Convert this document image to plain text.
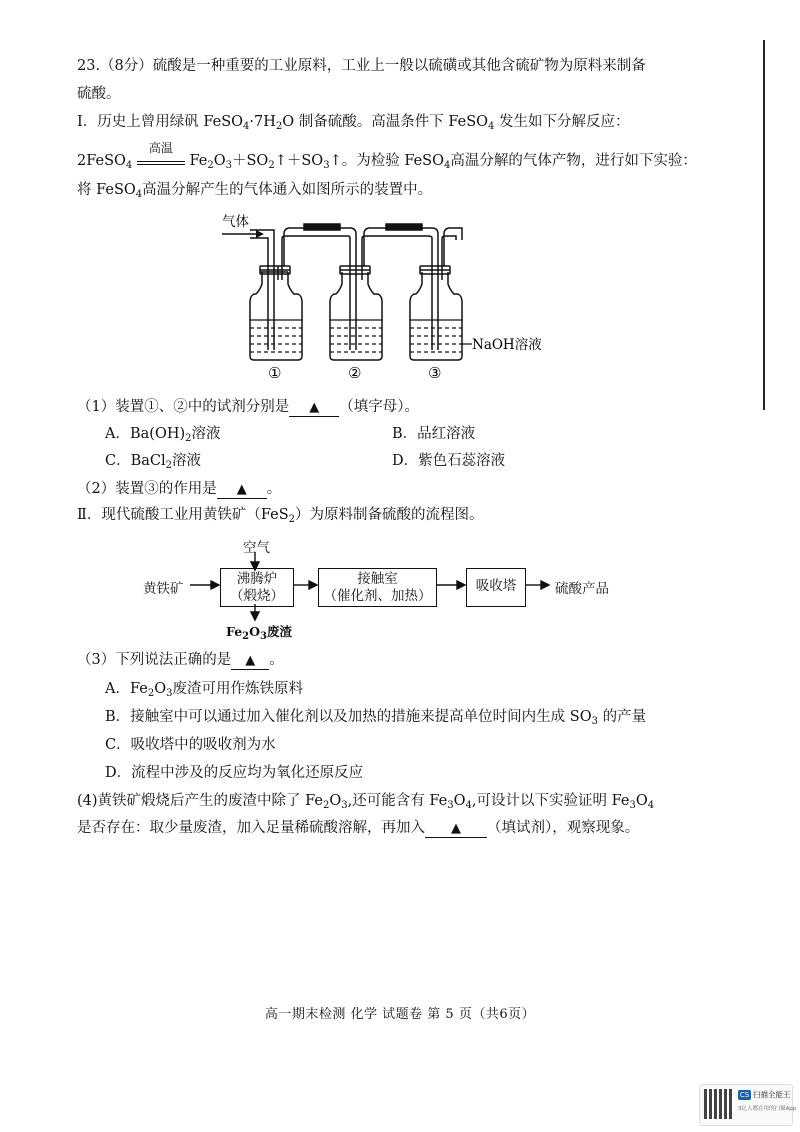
23.（8分）硫酸是一种重要的工业原料，工业上一般以硫磺或其他含硫矿物为原料来制备
硫酸。
Ⅰ．历史上曾用绿矾 $FeSO_4\cdot 7H_2O$ 制备硫酸。高温条件下 FeSO$_4$ 发生如下分解反应：
2FeSO$_4$
高温
$Fe_2O_3+SO_2↑+SO_3↑$。为检验 FeSO$_4$高温分解的气体产物，进行如下实验：
将 FeSO$_4$高温分解产生的气体通入如图所示的装置中。
气体
NaOH溶液
①	②	③
（1）装置①、②中的试剂分别是 ▲ （填字母）。
A．$Ba(OH)_2$溶液	B．品红溶液
C．BaCl$_2$溶液	D．紫色石蕊溶液
（2）装置③的作用是 ▲ 。
Ⅱ．现代硫酸工业用黄铁矿（FeS$_2$）为原料制备硫酸的流程图。
空气
黄铁矿
沸腾炉
（煅烧）
接触室
（催化剂、加热）
吸收塔	硫酸产品
$Fe_2O_3$废渣
（3）下列说法正确的是 ▲ 。
A．$Fe_2O_3$废渣可用作炼铁原料
B．接触室中可以通过加入催化剂以及加热的措施来提高单位时间内生成 $SO_3$ 的产量
C．吸收塔中的吸收剂为水
D．流程中涉及的反应均为氧化还原反应
(4)黄铁矿煅烧后产生的废渣中除了 $Fe_2O_3$,还可能含有 $Fe_3O_4$,可设计以下实验证明 $Fe_3O_4$
是否存在：取少量废渣，加入足量稀硫酸溶解，再加入 ▲ （填试剂），观察现象。
高一期末检测 化学 试题卷 第 5 页（共6页）
CS 扫描全能王
3亿人都在用的扫描App
